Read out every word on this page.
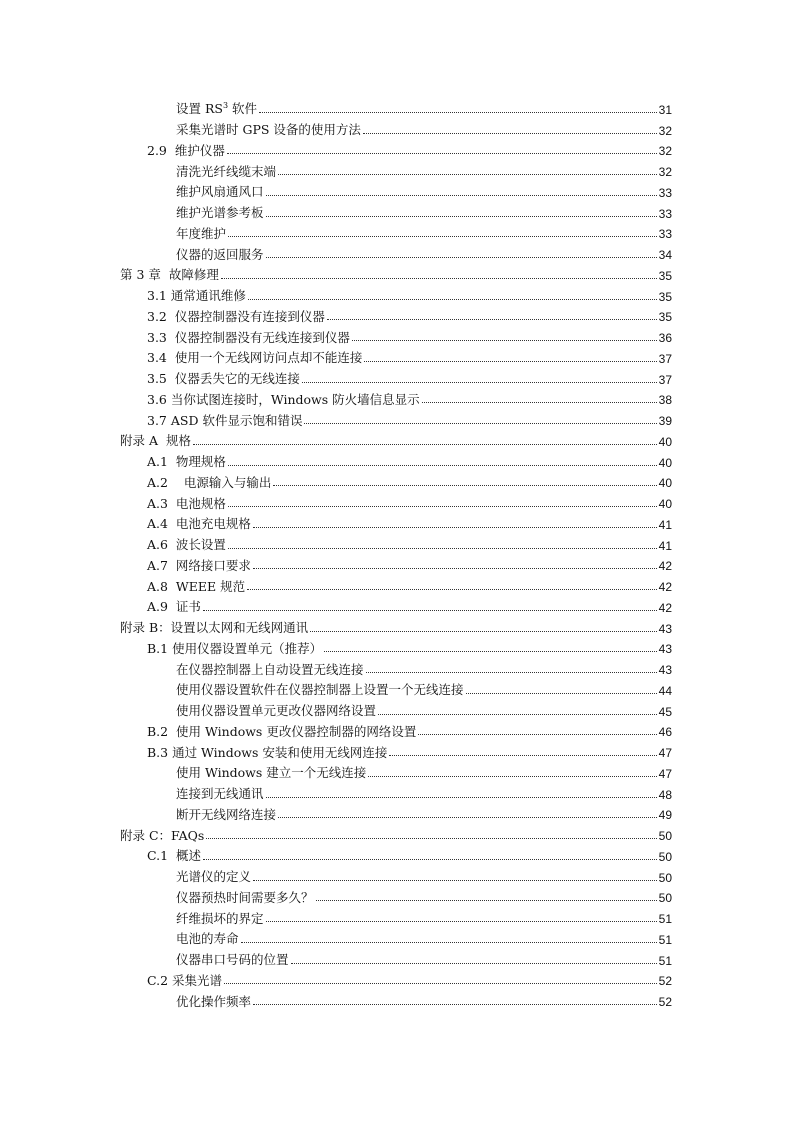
设置 $RS^3$ 软件	31
采集光谱时 GPS 设备的使用方法	32
2.9  维护仪器	32
清洗光纤线缆末端	32
维护风扇通风口	33
维护光谱参考板	33
年度维护	33
仪器的返回服务	34
第 3 章  故障修理	35
3.1 通常通讯维修	35
3.2  仪器控制器没有连接到仪器	35
3.3  仪器控制器没有无线连接到仪器	36
3.4  使用一个无线网访问点却不能连接	37
3.5  仪器丢失它的无线连接	37
3.6 当你试图连接时，Windows 防火墙信息显示	38
3.7 ASD 软件显示饱和错误	39
附录 A  规格	40
A.1  物理规格	40
A.2    电源输入与输出	40
A.3  电池规格	40
A.4  电池充电规格	41
A.6  波长设置	41
A.7  网络接口要求	42
A.8  WEEE 规范	42
A.9  证书	42
附录 B：设置以太网和无线网通讯	43
B.1 使用仪器设置单元（推荐）	43
在仪器控制器上自动设置无线连接	43
使用仪器设置软件在仪器控制器上设置一个无线连接	44
使用仪器设置单元更改仪器网络设置	45
B.2  使用 Windows 更改仪器控制器的网络设置	46
B.3 通过 Windows 安装和使用无线网连接	47
使用 Windows 建立一个无线连接	47
连接到无线通讯	48
断开无线网络连接	49
附录 C：FAQs	50
C.1  概述	50
光谱仪的定义	50
仪器预热时间需要多久？	50
纤维损坏的界定	51
电池的寿命	51
仪器串口号码的位置	51
C.2 采集光谱	52
优化操作频率	52
